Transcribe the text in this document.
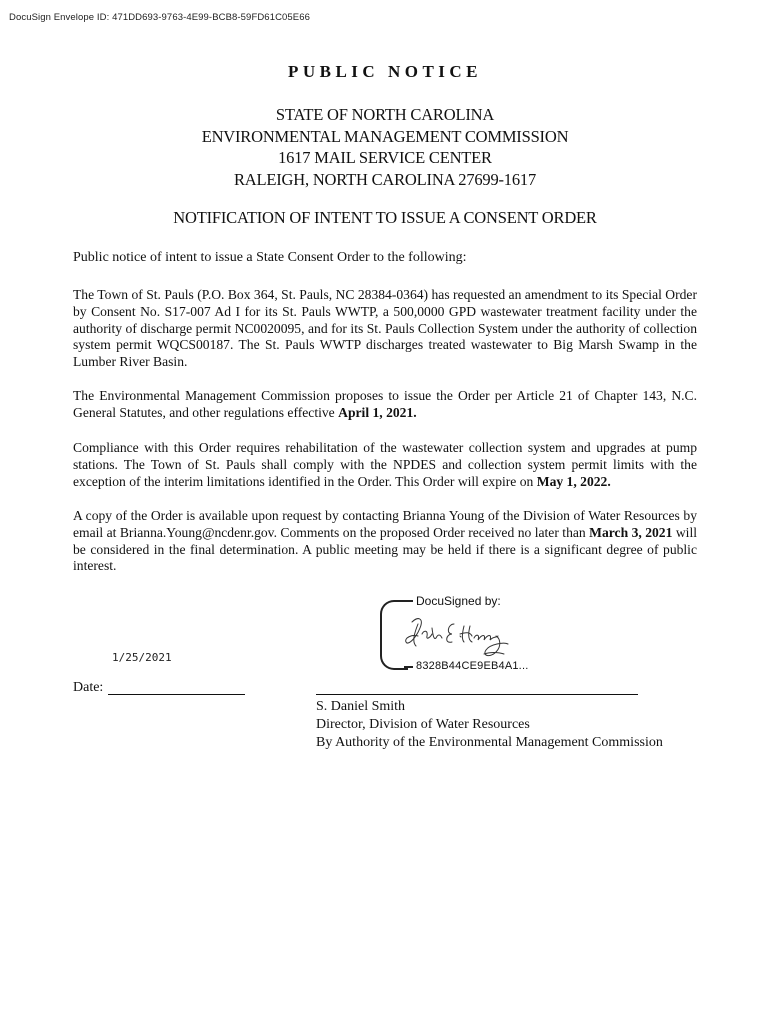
DocuSign Envelope ID: 471DD693-9763-4E99-BCB8-59FD61C05E66
PUBLIC NOTICE
STATE OF NORTH CAROLINA
ENVIRONMENTAL MANAGEMENT COMMISSION
1617 MAIL SERVICE CENTER
RALEIGH, NORTH CAROLINA 27699-1617
NOTIFICATION OF INTENT TO ISSUE A CONSENT ORDER
Public notice of intent to issue a State Consent Order to the following:
The Town of St. Pauls (P.O. Box 364, St. Pauls, NC 28384-0364) has requested an amendment to its Special Order by Consent No. S17-007 Ad I for its St. Pauls WWTP, a 500,0000 GPD wastewater treatment facility under the authority of discharge permit NC0020095, and for its St. Pauls Collection System under the authority of collection system permit WQCS00187. The St. Pauls WWTP discharges treated wastewater to Big Marsh Swamp in the Lumber River Basin.
The Environmental Management Commission proposes to issue the Order per Article 21 of Chapter 143, N.C. General Statutes, and other regulations effective April 1, 2021.
Compliance with this Order requires rehabilitation of the wastewater collection system and upgrades at pump stations. The Town of St. Pauls shall comply with the NPDES and collection system permit limits with the exception of the interim limitations identified in the Order. This Order will expire on May 1, 2022.
A copy of the Order is available upon request by contacting Brianna Young of the Division of Water Resources by email at Brianna.Young@ncdenr.gov. Comments on the proposed Order received no later than March 3, 2021 will be considered in the final determination. A public meeting may be held if there is a significant degree of public interest.
DocuSigned by:
8328B44CE9EB4A1...
1/25/2021
Date:
S. Daniel Smith
Director, Division of Water Resources
By Authority of the Environmental Management Commission
